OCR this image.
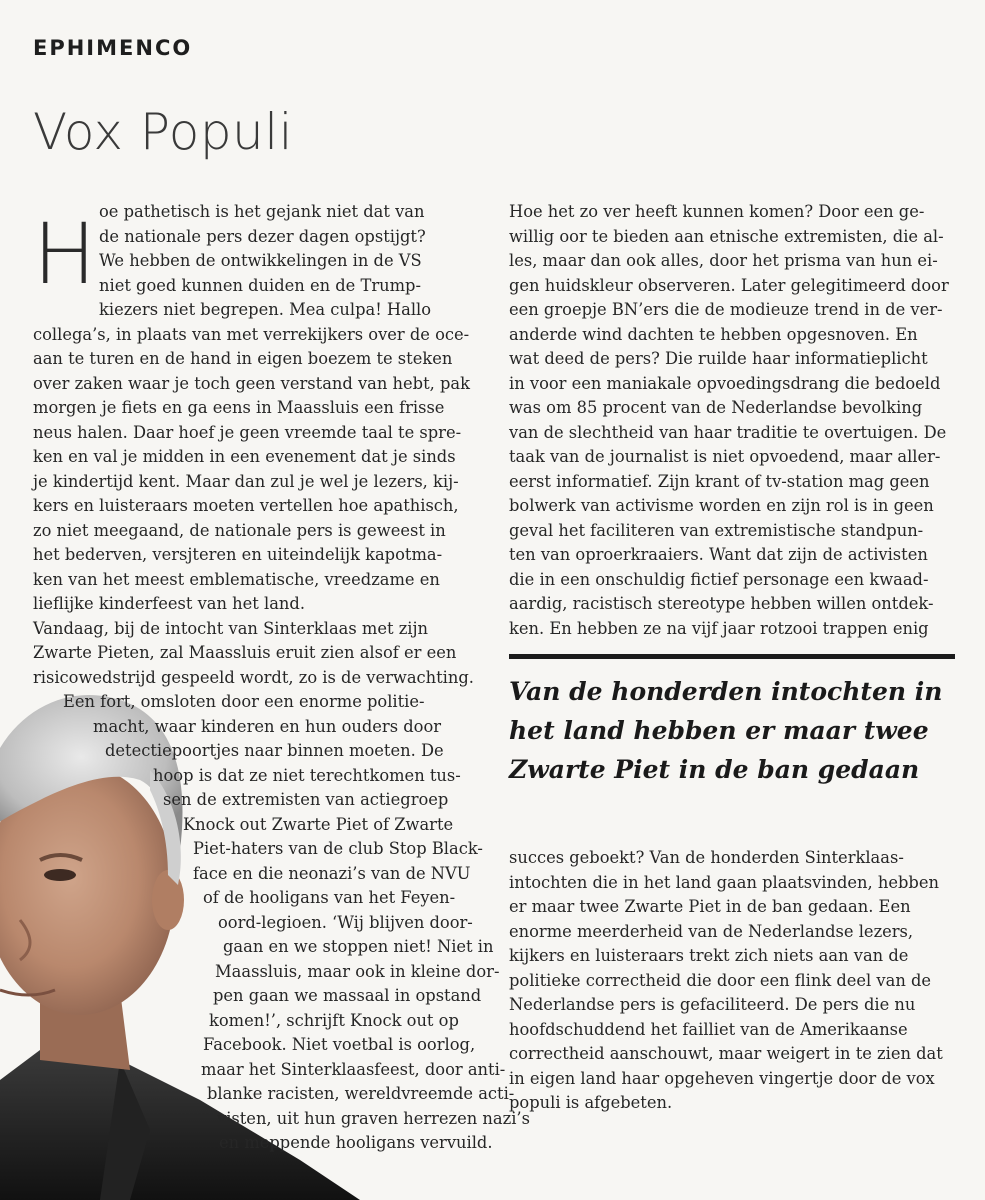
EPHIMENCO
Vox Populi
H oe pathetisch is het gejank niet dat van

de nationale pers dezer dagen opstijgt?

We hebben de ontwikkelingen in de VS

niet goed kunnen duiden en de Trump-

kiezers niet begrepen. Mea culpa! Hallo

collega’s, in plaats van met verrekijkers over de oce-

aan te turen en de hand in eigen boezem te steken

over zaken waar je toch geen verstand van hebt, pak

morgen je fiets en ga eens in Maassluis een frisse

neus halen. Daar hoef je geen vreemde taal te spre-

ken en val je midden in een evenement dat je sinds

je kindertijd kent. Maar dan zul je wel je lezers, kij-

kers en luisteraars moeten vertellen hoe apathisch,

zo niet meegaand, de nationale pers is geweest in

het bederven, versjteren en uiteindelijk kapotma-

ken van het meest emblematische, vreedzame en

lieflijke kinderfeest van het land.

Vandaag, bij de intocht van Sinterklaas met zijn

Zwarte Pieten, zal Maassluis eruit zien alsof er een

risicowedstrijd gespeeld wordt, zo is de verwachting.

Een fort, omsloten door een enorme politie-

macht, waar kinderen en hun ouders door

detectiepoortjes naar binnen moeten. De

hoop is dat ze niet terechtkomen tus-

sen de extremisten van actiegroep

Knock out Zwarte Piet of Zwarte

Piet-haters van de club Stop Black-

face en die neonazi’s van de NVU

of de hooligans van het Feyen-

oord-legioen. ‘Wij blijven door-

gaan en we stoppen niet! Niet in

Maassluis, maar ook in kleine dor-

pen gaan we massaal in opstand

komen!’, schrijft Knock out op

Facebook. Niet voetbal is oorlog,

maar het Sinterklaasfeest, door anti-

blanke racisten, wereldvreemde acti-

visten, uit hun graven herrezen nazi’s

en meppende hooligans vervuild.

Hoe het zo ver heeft kunnen komen? Door een ge-

willig oor te bieden aan etnische extremisten, die al-

les, maar dan ook alles, door het prisma van hun ei-

gen huidskleur observeren. Later gelegitimeerd door

een groepje BN’ers die de modieuze trend in de ver-

anderde wind dachten te hebben opgesnoven. En

wat deed de pers? Die ruilde haar informatieplicht

in voor een maniakale opvoedingsdrang die bedoeld

was om 85 procent van de Nederlandse bevolking

van de slechtheid van haar traditie te overtuigen. De

taak van de journalist is niet opvoedend, maar aller-

eerst informatief. Zijn krant of tv-station mag geen

bolwerk van activisme worden en zijn rol is in geen

geval het faciliteren van extremistische standpun-

ten van oproerkraaiers. Want dat zijn de activisten

die in een onschuldig fictief personage een kwaad-

aardig, racistisch stereotype hebben willen ontdek-

ken. En hebben ze na vijf jaar rotzooi trappen enig

Van de honderden intochten in

het land hebben er maar twee

Zwarte Piet in de ban gedaan

succes geboekt? Van de honderden Sinterklaas-

intochten die in het land gaan plaatsvinden, hebben

er maar twee Zwarte Piet in de ban gedaan. Een

enorme meerderheid van de Nederlandse lezers,

kijkers en luisteraars trekt zich niets aan van de

politieke correctheid die door een flink deel van de

Nederlandse pers is gefaciliteerd. De pers die nu

hoofdschuddend het failliet van de Amerikaanse

correctheid aanschouwt, maar weigert in te zien dat

in eigen land haar opgeheven vingertje door de vox

populi is afgebeten.
